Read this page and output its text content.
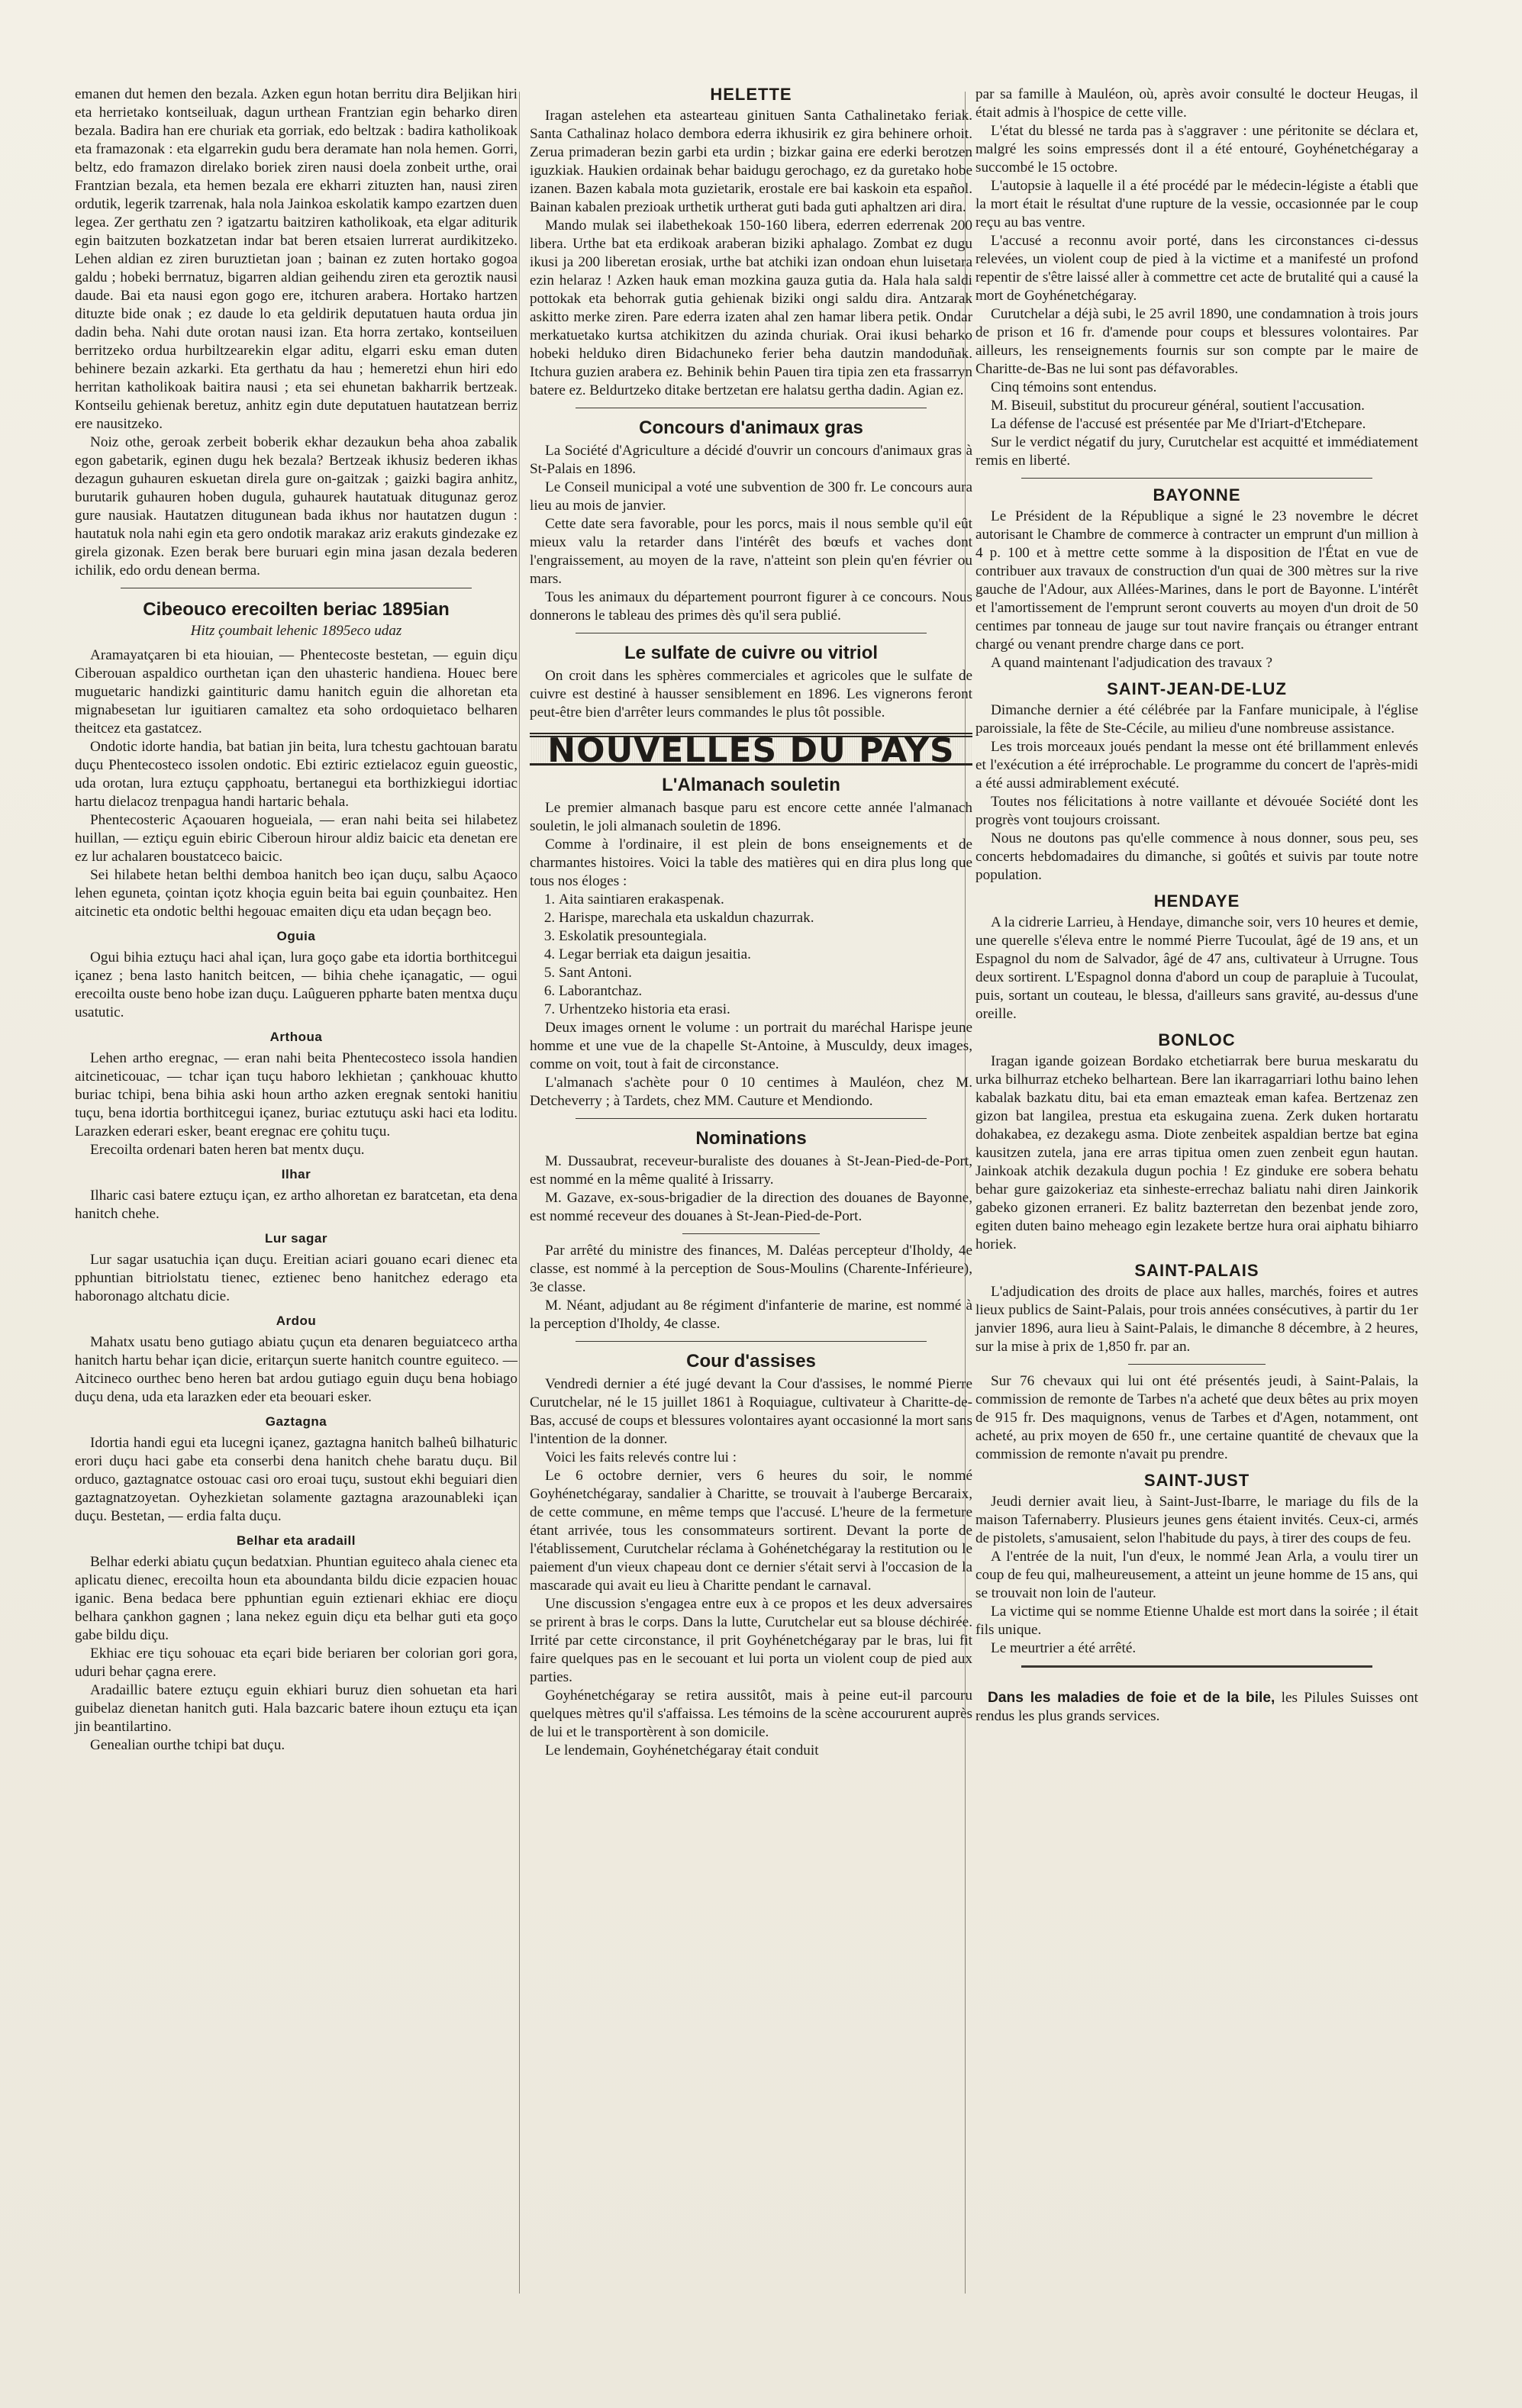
emanen dut hemen den bezala. Azken egun hotan berritu dira Beljikan hiri eta herrietako kontseiluak, dagun urthean Frantzian egin beharko diren bezala. Badira han ere churiak eta gorriak, edo beltzak : badira katholikoak eta framazonak : eta elgarrekin gudu bera deramate han nola hemen. Gorri, beltz, edo framazon direlako boriek ziren nausi doela zonbeit urthe, orai Frantzian bezala, eta hemen bezala ere ekharri zituzten han, nausi ziren ordutik, legerik tzarrenak, hala nola Jainkoa eskolatik kampo ezartzen duen legea. Zer gerthatu zen ? igatzartu baitziren katholikoak, eta elgar aditurik egin baitzuten bozkatzetan indar bat beren etsaien lurrerat aurdikitzeko. Lehen aldian ez ziren buruztietan joan ; bainan ez zuten hortako gogoa galdu ; hobeki berrnatuz, bigarren aldian geihendu ziren eta geroztik nausi daude. Bai eta nausi egon gogo ere, itchuren arabera. Hortako hartzen dituzte bide onak ; ez daude lo eta geldirik deputatuen hauta ordua jin dadin beha. Nahi dute orotan nausi izan. Eta horra zertako, kontseiluen berritzeko ordua hurbiltzearekin elgar aditu, elgarri esku eman duten behinere bezain azkarki. Eta gerthatu da hau ; hemeretzi ehun hiri edo herritan katholikoak baitira nausi ; eta sei ehunetan bakharrik bertzeak. Kontseilu gehienak beretuz, anhitz egin dute deputatuen hautatzean berriz ere nausitzeko.

Noiz othe, geroak zerbeit boberik ekhar dezaukun beha ahoa zabalik egon gabetarik, eginen dugu hek bezala? Bertzeak ikhusiz bederen ikhas dezagun guhauren eskuetan direla gure on-gaitzak ; gaizki bagira anhitz, burutarik guhauren hoben dugula, guhaurek hautatuak ditugunaz geroz gure nausiak. Hautatzen ditugunean bada ikhus nor hautatzen dugun : hautatuk nola nahi egin eta gero ondotik marakaz ariz erakuts gindezake ez girela gizonak. Ezen berak bere buruari egin mina jasan dezala bederen ichilik, edo ordu denean berma.

Cibeouco erecoilten beriac 1895ian
Hitz çoumbait lehenic 1895eco udaz

Aramayatçaren bi eta hiouian, — Phentecoste bestetan, — eguin diçu Ciberouan aspaldico ourthetan içan den uhasteric handiena. Houec bere muguetaric handizki gaintituric damu hanitch eguin die alhoretan eta mignabesetan lur iguitiaren camaltez eta soho ordoquietaco belharen theitcez eta gastatcez.

Ondotic idorte handia, bat batian jin beita, lura tchestu gachtouan baratu duçu Phentecosteco issolen ondotic. Ebi eztiric eztielacoz eguin gueostic, uda orotan, lura eztuçu çapphoatu, bertanegui eta borthizkiegui idortiac hartu dielacoz trenpagua handi hartaric behala.

Phentecosteric Açaouaren hogueiala, — eran nahi beita sei hilabetez huillan, — eztiçu eguin ebiric Ciberoun hirour aldiz baicic eta denetan ere ez lur achalaren boustatceco baicic.

Sei hilabete hetan belthi demboa hanitch beo içan duçu, salbu Açaoco lehen eguneta, çointan içotz khoçia eguin beita bai eguin çounbaitez. Hen aitcinetic eta ondotic belthi hegouac emaiten diçu eta udan beçagn beo.

Oguia

Ogui bihia eztuçu haci ahal içan, lura goço gabe eta idortia borthitcegui içanez ; bena lasto hanitch beitcen, — bihia chehe içanagatic, — ogui erecoilta ouste beno hobe izan duçu. Laûgueren ppharte baten mentxa duçu usatutic.

Arthoua

Lehen artho eregnac, — eran nahi beita Phentecosteco issola handien aitcineticouac, — tchar içan tuçu haboro lekhietan ; çankhouac khutto buriac tchipi, bena bihia aski houn artho azken eregnak sentoki hanitiu tuçu, bena idortia borthitcegui içanez, buriac eztutuçu aski haci eta loditu. Larazken ederari esker, beant eregnac ere çohitu tuçu.

Erecoilta ordenari baten heren bat mentx duçu.

Ilhar

Ilharic casi batere eztuçu içan, ez artho alhoretan ez baratcetan, eta dena hanitch chehe.

Lur sagar

Lur sagar usatuchia içan duçu. Ereitian aciari gouano ecari dienec eta pphuntian bitriolstatu tienec, eztienec beno hanitchez ederago eta haboronago altchatu dicie.

Ardou

Mahatx usatu beno gutiago abiatu çuçun eta denaren beguiatceco artha hanitch hartu behar içan dicie, eritarçun suerte hanitch countre eguiteco. — Aitcineco ourthec beno heren bat ardou gutiago eguin duçu bena hobiago duçu dena, uda eta larazken eder eta beouari esker.

Gaztagna

Idortia handi egui eta lucegni içanez, gaztagna hanitch balheû bilhaturic erori duçu haci gabe eta conserbi dena hanitch chehe baratu duçu. Bil orduco, gaztagnatce ostouac casi oro eroai tuçu, sustout ekhi beguiari dien gaztagnatzoyetan. Oyhezkietan solamente gaztagna arazounableki içan duçu. Bestetan, — erdia falta duçu.

Belhar eta aradaill

Belhar ederki abiatu çuçun bedatxian. Phuntian eguiteco ahala cienec eta aplicatu dienec, erecoilta houn eta aboundanta bildu dicie ezpacien houac iganic. Bena bedaca bere pphuntian eguin eztienari ekhiac ere dioçu belhara çankhon gagnen ; lana nekez eguin diçu eta belhar guti eta goço gabe bildu diçu.

Ekhiac ere tiçu sohouac eta eçari bide beriaren ber colorian gori gora, uduri behar çagna erere.

Aradaillic batere eztuçu eguin ekhiari buruz dien sohuetan eta hari guibelaz dienetan hanitch guti. Hala bazcaric batere ihoun eztuçu eta içan jin beantilartino.

Genealian ourthe tchipi bat duçu.

HELETTE

Iragan astelehen eta astearteau ginituen Santa Cathalinetako feriak. Santa Cathalinaz holaco dembora ederra ikhusirik ez gira behinere orhoit. Zerua primaderan bezin garbi eta urdin ; bizkar gaina ere ederki berotzen iguzkiak. Haukien ordainak behar baidugu gerochago, ez da guretako hobe izanen. Bazen kabala mota guzietarik, erostale ere bai kaskoin eta español. Bainan kabalen prezioak urthetik urtherat guti bada guti aphaltzen ari dira.

Mando mulak sei ilabethekoak 150-160 libera, ederren ederrenak 200 libera. Urthe bat eta erdikoak araberan biziki aphalago. Zombat ez dugu ikusi ja 200 liberetan erosiak, urthe bat atchiki izan ondoan ehun luisetara ezin helaraz ! Azken hauk eman mozkina gauza gutia da. Hala hala saldi pottokak eta behorrak gutia gehienak biziki ongi saldu dira. Antzarak askitto merke ziren. Pare ederra izaten ahal zen hamar libera petik. Ondar merkatuetako kurtsa atchikitzen du azinda churiak. Orai ikusi beharko hobeki helduko diren Bidachuneko ferier beha dautzin mandoduñak. Itchura guzien arabera ez. Behinik behin Pauen tira tipia zen eta frassarryn batere ez. Beldurtzeko ditake bertzetan ere halatsu gertha dadin. Agian ez.

Concours d'animaux gras

La Société d'Agriculture a décidé d'ouvrir un concours d'animaux gras à St-Palais en 1896.

Le Conseil municipal a voté une subvention de 300 fr. Le concours aura lieu au mois de janvier.

Cette date sera favorable, pour les porcs, mais il nous semble qu'il eût mieux valu la retarder dans l'intérêt des bœufs et vaches dont l'engraissement, au moyen de la rave, n'atteint son plein qu'en février ou mars.

Tous les animaux du département pourront figurer à ce concours. Nous donnerons le tableau des primes dès qu'il sera publié.

Le sulfate de cuivre ou vitriol

On croit dans les sphères commerciales et agricoles que le sulfate de cuivre est destiné à hausser sensiblement en 1896. Les vignerons feront peut-être bien d'arrêter leurs commandes le plus tôt possible.

NOUVELLES DU PAYS
L'Almanach souletin

Le premier almanach basque paru est encore cette année l'almanach souletin, le joli almanach souletin de 1896.

Comme à l'ordinaire, il est plein de bons enseignements et de charmantes histoires. Voici la table des matières qui en dira plus long que tous nos éloges :

1. Aita saintiaren erakaspenak.
2. Harispe, marechala eta uskaldun chazurrak.
3. Eskolatik presountegiala.
4. Legar berriak eta daigun jesaitia.
5. Sant Antoni.
6. Laborantchaz.
7. Urhentzeko historia eta erasi.

Deux images ornent le volume : un portrait du maréchal Harispe jeune homme et une vue de la chapelle St-Antoine, à Musculdy, deux images, comme on voit, tout à fait de circonstance.

L'almanach s'achète pour 0 10 centimes à Mauléon, chez M. Detcheverry ; à Tardets, chez MM. Cauture et Mendiondo.

Nominations

M. Dussaubrat, receveur-buraliste des douanes à St-Jean-Pied-de-Port, est nommé en la même qualité à Irissarry.

M. Gazave, ex-sous-brigadier de la direction des douanes de Bayonne, est nommé receveur des douanes à St-Jean-Pied-de-Port.

Par arrêté du ministre des finances, M. Daléas percepteur d'Iholdy, 4e classe, est nommé à la perception de Sous-Moulins (Charente-Inférieure), 3e classe.

M. Néant, adjudant au 8e régiment d'infanterie de marine, est nommé à la perception d'Iholdy, 4e classe.

Cour d'assises

Vendredi dernier a été jugé devant la Cour d'assises, le nommé Pierre Curutchelar, né le 15 juillet 1861 à Roquiague, cultivateur à Charitte-de-Bas, accusé de coups et blessures volontaires ayant occasionné la mort sans l'intention de la donner.

Voici les faits relevés contre lui :

Le 6 octobre dernier, vers 6 heures du soir, le nommé Goyhénetchégaray, sandalier à Charitte, se trouvait à l'auberge Bercaraix, de cette commune, en même temps que l'accusé. L'heure de la fermeture étant arrivée, tous les consommateurs sortirent. Devant la porte de l'établissement, Curutchelar réclama à Gohénetchégaray la restitution ou le paiement d'un vieux chapeau dont ce dernier s'était servi à l'occasion de la mascarade qui avait eu lieu à Charitte pendant le carnaval.

Une discussion s'engagea entre eux à ce propos et les deux adversaires se prirent à bras le corps. Dans la lutte, Curutchelar eut sa blouse déchirée. Irrité par cette circonstance, il prit Goyhénetchégaray par le bras, lui fit faire quelques pas en le secouant et lui porta un violent coup de pied aux parties.

Goyhénetchégaray se retira aussitôt, mais à peine eut-il parcouru quelques mètres qu'il s'affaissa. Les témoins de la scène accoururent auprès de lui et le transportèrent à son domicile.

Le lendemain, Goyhénetchégaray était conduit

par sa famille à Mauléon, où, après avoir consulté le docteur Heugas, il était admis à l'hospice de cette ville.

L'état du blessé ne tarda pas à s'aggraver : une péritonite se déclara et, malgré les soins empressés dont il a été entouré, Goyhénetchégaray a succombé le 15 octobre.

L'autopsie à laquelle il a été procédé par le médecin-légiste a établi que la mort était le résultat d'une rupture de la vessie, occasionnée par le coup reçu au bas ventre.

L'accusé a reconnu avoir porté, dans les circonstances ci-dessus relevées, un violent coup de pied à la victime et a manifesté un profond repentir de s'être laissé aller à commettre cet acte de brutalité qui a causé la mort de Goyhénetchégaray.

Curutchelar a déjà subi, le 25 avril 1890, une condamnation à trois jours de prison et 16 fr. d'amende pour coups et blessures volontaires. Par ailleurs, les renseignements fournis sur son compte par le maire de Charitte-de-Bas ne lui sont pas défavorables.

Cinq témoins sont entendus.

M. Biseuil, substitut du procureur général, soutient l'accusation.

La défense de l'accusé est présentée par Me d'Iriart-d'Etchepare.

Sur le verdict négatif du jury, Curutchelar est acquitté et immédiatement remis en liberté.

BAYONNE

Le Président de la République a signé le 23 novembre le décret autorisant le Chambre de commerce à contracter un emprunt d'un million à 4 p. 100 et à mettre cette somme à la disposition de l'État en vue de contribuer aux travaux de construction d'un quai de 300 mètres sur la rive gauche de l'Adour, aux Allées-Marines, dans le port de Bayonne. L'intérêt et l'amortissement de l'emprunt seront couverts au moyen d'un droit de 50 centimes par tonneau de jauge sur tout navire français ou étranger entrant chargé ou venant prendre charge dans ce port.

A quand maintenant l'adjudication des travaux ?

SAINT-JEAN-DE-LUZ

Dimanche dernier a été célébrée par la Fanfare municipale, à l'église paroissiale, la fête de Ste-Cécile, au milieu d'une nombreuse assistance.

Les trois morceaux joués pendant la messe ont été brillamment enlevés et l'exécution a été irréprochable. Le programme du concert de l'après-midi a été aussi admirablement exécuté.

Toutes nos félicitations à notre vaillante et dévouée Société dont les progrès vont toujours croissant.

Nous ne doutons pas qu'elle commence à nous donner, sous peu, ses concerts hebdomadaires du dimanche, si goûtés et suivis par toute notre population.

HENDAYE

A la cidrerie Larrieu, à Hendaye, dimanche soir, vers 10 heures et demie, une querelle s'éleva entre le nommé Pierre Tucoulat, âgé de 19 ans, et un Espagnol du nom de Salvador, âgé de 47 ans, cultivateur à Urrugne. Tous deux sortirent. L'Espagnol donna d'abord un coup de parapluie à Tucoulat, puis, sortant un couteau, le blessa, d'ailleurs sans gravité, au-dessus d'une oreille.

BONLOC

Iragan igande goizean Bordako etchetiarrak bere burua meskaratu du urka bilhurraz etcheko belhartean. Bere lan ikarragarriari lothu baino lehen kabalak bazkatu ditu, bai eta eman emazteak eman kafea. Bertzenaz zen gizon bat langilea, prestua eta eskugaina zuena. Zerk duken hortaratu dohakabea, ez dezakegu asma. Diote zenbeitek aspaldian bertze bat egina kausitzen zutela, jana ere arras tipitua omen zuen zenbeit egun hautan. Jainkoak atchik dezakula dugun pochia ! Ez ginduke ere sobera behatu behar gure gaizokeriaz eta sinheste-errechaz baliatu nahi diren Jainkorik gabeko gizonen erraneri. Ez balitz bazterretan den bezenbat jende zoro, egiten duten baino meheago egin lezakete bertze hura orai aiphatu bihiarro horiek.

SAINT-PALAIS

L'adjudication des droits de place aux halles, marchés, foires et autres lieux publics de Saint-Palais, pour trois années consécutives, à partir du 1er janvier 1896, aura lieu à Saint-Palais, le dimanche 8 décembre, à 2 heures, sur la mise à prix de 1,850 fr. par an.

Sur 76 chevaux qui lui ont été présentés jeudi, à Saint-Palais, la commission de remonte de Tarbes n'a acheté que deux bêtes au prix moyen de 915 fr. Des maquignons, venus de Tarbes et d'Agen, notamment, ont acheté, au prix moyen de 650 fr., une certaine quantité de chevaux que la commission de remonte n'avait pu prendre.

SAINT-JUST

Jeudi dernier avait lieu, à Saint-Just-Ibarre, le mariage du fils de la maison Tafernaberry. Plusieurs jeunes gens étaient invités. Ceux-ci, armés de pistolets, s'amusaient, selon l'habitude du pays, à tirer des coups de feu.

A l'entrée de la nuit, l'un d'eux, le nommé Jean Arla, a voulu tirer un coup de feu qui, malheureusement, a atteint un jeune homme de 15 ans, qui se trouvait non loin de l'auteur.

La victime qui se nomme Etienne Uhalde est mort dans la soirée ; il était fils unique.

Le meurtrier a été arrêté.

Dans les maladies de foie et de la bile, les Pilules Suisses ont rendus les plus grands services.
